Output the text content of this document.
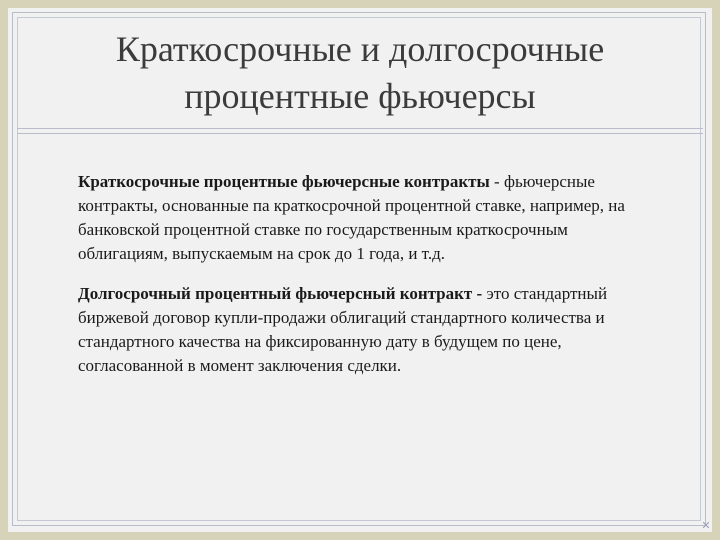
Краткосрочные и долгосрочные
процентные фьючерсы

Краткосрочные процентные фьючерсные контракты - фьючерсные контракты, основанные па краткосрочной процентной ставке, например, на банковской процентной ставке по государственным краткосрочным облигациям, выпускаемым на срок до 1 года, и т.д.

Долгосрочный процентный фьючерсный контракт - это стандартный биржевой договор купли-продажи облигаций стандартного количества и стандартного качества на фиксированную дату в будущем по цене, согласованной в момент заключения сделки.

✕
